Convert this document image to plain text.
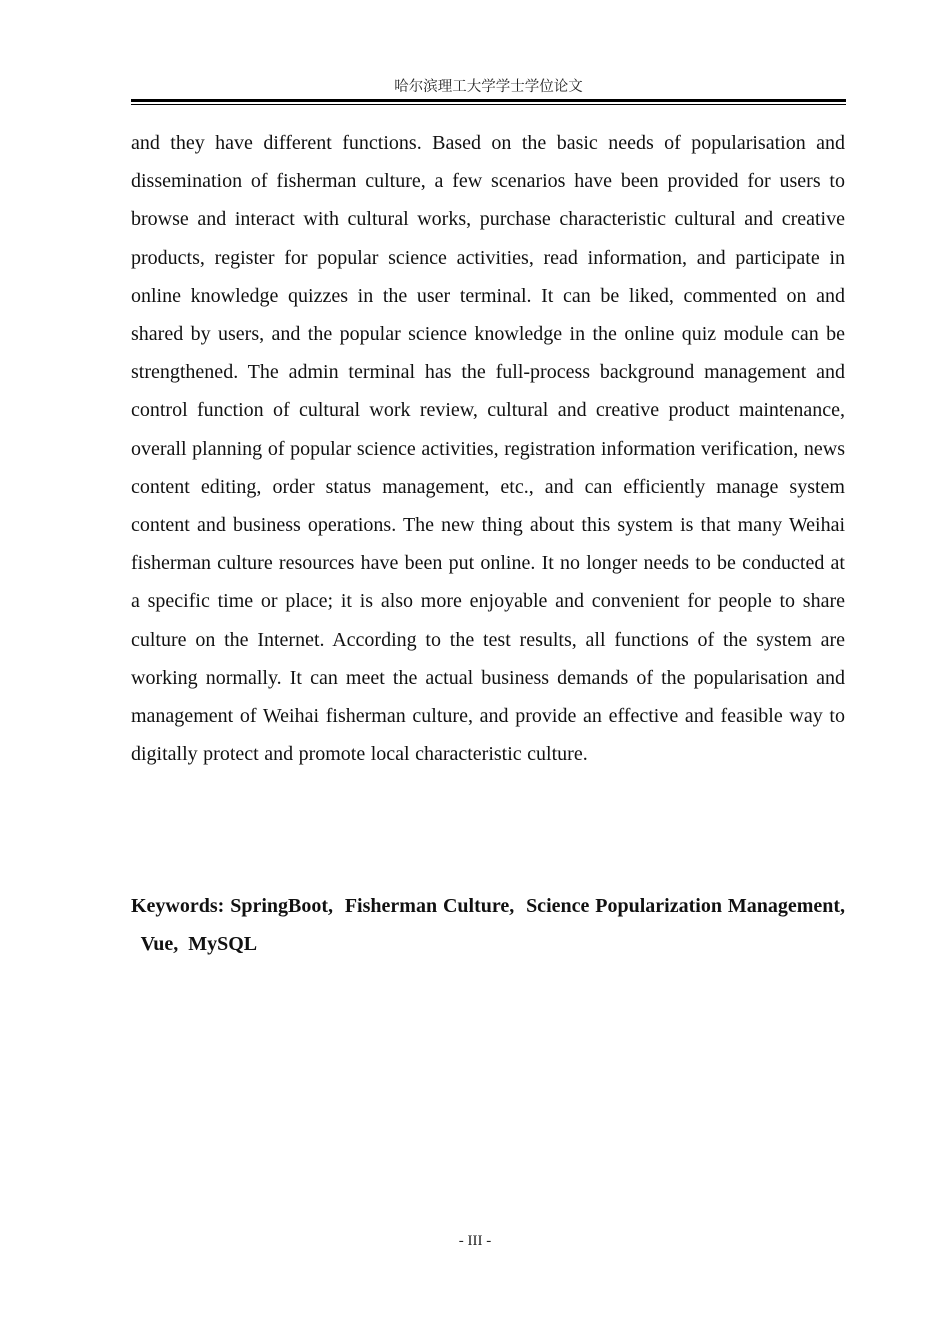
哈尔滨理工大学学士学位论文

and they have different functions. Based on the basic needs of popularisation and dissemination of fisherman culture, a few scenarios have been provided for users to browse and interact with cultural works, purchase characteristic cultural and creative products, register for popular science activities, read information, and participate in online knowledge quizzes in the user terminal. It can be liked, commented on and shared by users, and the popular science knowledge in the online quiz module can be strengthened. The admin terminal has the full-process background management and control function of cultural work review, cultural and creative product maintenance, overall planning of popular science activities, registration information verification, news content editing, order status management, etc., and can efficiently manage system content and business operations. The new thing about this system is that many Weihai fisherman culture resources have been put online. It no longer needs to be conducted at a specific time or place; it is also more enjoyable and convenient for people to share culture on the Internet. According to the test results, all functions of the system are working normally. It can meet the actual business demands of the popularisation and management of Weihai fisherman culture, and provide an effective and feasible way to digitally protect and promote local characteristic culture.

Keywords: SpringBoot, Fisherman Culture, Science Popularization Management,  Vue, MySQL

- III -
